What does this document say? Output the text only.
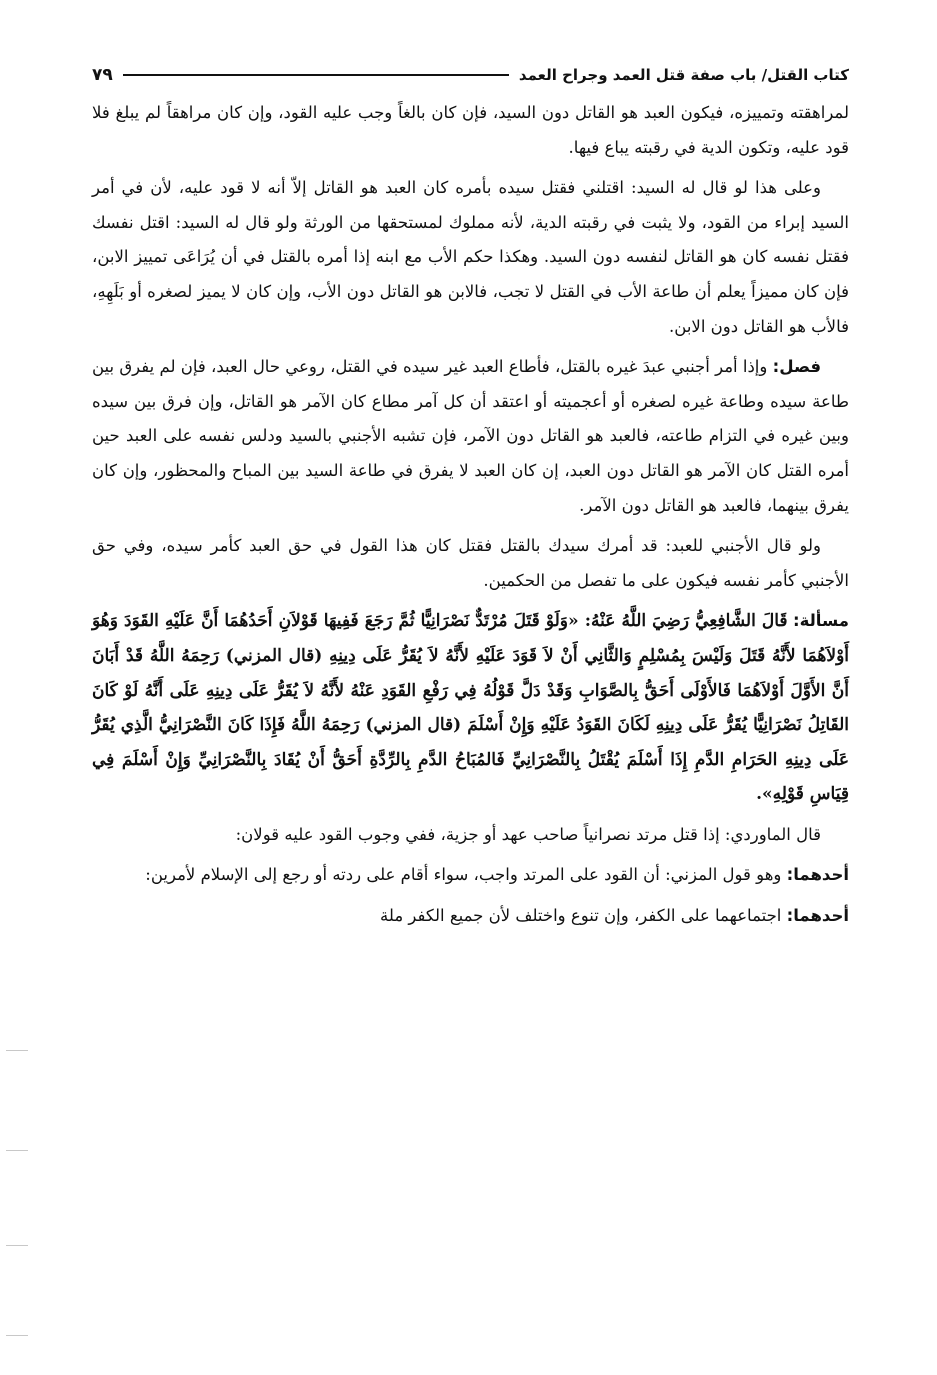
كتاب القتل/ باب صفة قتل العمد وجراح العمد
٧٩

لمراهقته وتمييزه، فيكون العبد هو القاتل دون السيد، فإن كان بالغاً وجب عليه القود، وإن كان مراهقاً لم يبلغ فلا قود عليه، وتكون الدية في رقبته يباع فيها.

وعلى هذا لو قال له السيد: اقتلني فقتل سيده بأمره كان العبد هو القاتل إلاّ أنه لا قود عليه، لأن في أمر السيد إبراء من القود، ولا يثبت في رقبته الدية، لأنه مملوك لمستحقها من الورثة ولو قال له السيد: اقتل نفسك فقتل نفسه كان هو القاتل لنفسه دون السيد. وهكذا حكم الأب مع ابنه إذا أمره بالقتل في أن يُرَاعَى تمييز الابن، فإن كان مميزاً يعلم أن طاعة الأب في القتل لا تجب، فالابن هو القاتل دون الأب، وإن كان لا يميز لصغره أو بَلَهِهِ، فالأب هو القاتل دون الابن.

فصل: وإذا أمر أجنبي عبدَ غيره بالقتل، فأطاع العبد غير سيده في القتل، روعي حال العبد، فإن لم يفرق بين طاعة سيده وطاعة غيره لصغره أو أعجميته أو اعتقد أن كل آمر مطاع كان الآمر هو القاتل، وإن فرق بين سيده وبين غيره في التزام طاعته، فالعبد هو القاتل دون الآمر، فإن تشبه الأجنبي بالسيد ودلس نفسه على العبد حين أمره القتل كان الآمر هو القاتل دون العبد، إن كان العبد لا يفرق في طاعة السيد بين المباح والمحظور، وإن كان يفرق بينهما، فالعبد هو القاتل دون الآمر.

ولو قال الأجنبي للعبد: قد أمرك سيدك بالقتل فقتل كان هذا القول في حق العبد كأمر سيده، وفي حق الأجنبي كأمر نفسه فيكون على ما تفصل من الحكمين.

مسألة: قَالَ الشَّافِعِيُّ رَضِيَ اللَّهُ عَنْهُ: «وَلَوْ قَتَلَ مُرْتَدٌّ نَصْرَانِيًّا ثُمَّ رَجَعَ فَفِيهَا قَوْلاَنِ أَحَدُهُمَا أَنَّ عَلَيْهِ القَوَدَ وَهُوَ أَوْلاَهُمَا لأَنَّهُ قَتَلَ وَلَيْسَ بِمُسْلِمٍ وَالثَّانِي أَنْ لاَ قَوَدَ عَلَيْهِ لأَنَّهُ لاَ يُقَرُّ عَلَى دِينِهِ (قال المزني) رَحِمَهُ اللَّهُ قَدْ أَبَانَ أَنَّ الأَوَّلَ أَوْلاَهُمَا فَالأَوْلَى أَحَقُّ بِالصَّوَابِ وَقَدْ دَلَّ قَوْلُهُ فِي رَفْعِ القَوَدِ عَنْهُ لأَنَّهُ لاَ يُقَرُّ عَلَى دِينِهِ عَلَى أَنَّهُ لَوْ كَانَ القَاتِلُ نَصْرَانِيًّا يُقَرُّ عَلَى دِينِهِ لَكَانَ القَوَدُ عَلَيْهِ وَإِنْ أَسْلَمَ (قال المزني) رَحِمَهُ اللَّهُ فَإِذَا كَانَ النَّصْرَانِيُّ الَّذِي يُقَرُّ عَلَى دِينِهِ الحَرَامِ الدَّمِ إِذَا أَسْلَمَ يُقْتَلُ بِالنَّصْرَانِيِّ فَالمُبَاحُ الدَّمِ بِالرِّدَّةِ أَحَقُّ أَنْ يُقَادَ بِالنَّصْرَانِيِّ وَإِنْ أَسْلَمَ فِي قِيَاسِ قَوْلِهِ».

قال الماوردي: إذا قتل مرتد نصرانياً صاحب عهد أو جزية، ففي وجوب القود عليه قولان:

أحدهما: وهو قول المزني: أن القود على المرتد واجب، سواء أقام على ردته أو رجع إلى الإسلام لأمرين:

أحدهما: اجتماعهما على الكفر، وإن تنوع واختلف لأن جميع الكفر ملة
